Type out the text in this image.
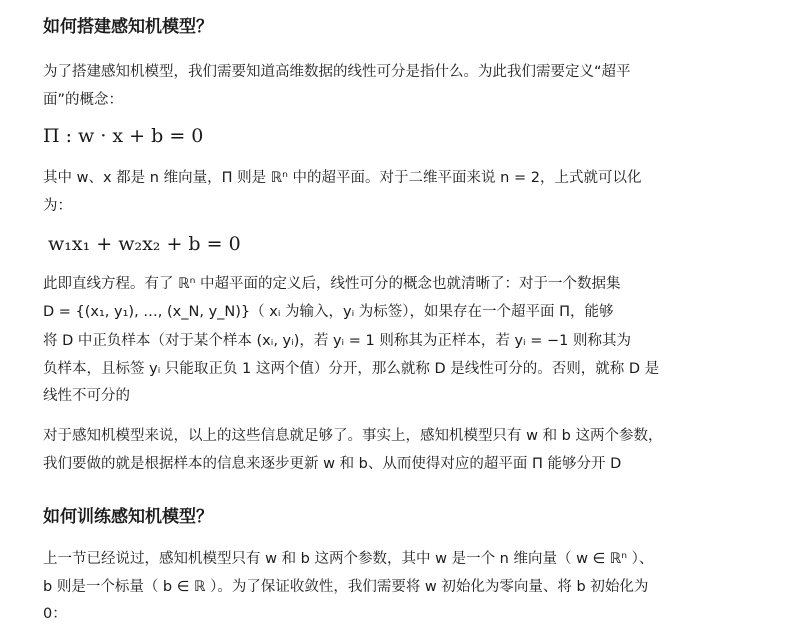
如何搭建感知机模型？
为了搭建感知机模型，我们需要知道高维数据的线性可分是指什么。为此我们需要定义“超平
面”的概念：
Π : w · x + b = 0
其中 w、x 都是 n 维向量，Π 则是 ℝⁿ 中的超平面。对于二维平面来说 n = 2，上式就可以化
为：
w₁x₁ + w₂x₂ + b = 0
此即直线方程。有了 ℝⁿ 中超平面的定义后，线性可分的概念也就清晰了：对于一个数据集
D = {(x₁, y₁), …, (x_N, y_N)}（ xᵢ 为输入，yᵢ 为标签），如果存在一个超平面 Π，能够
将 D 中正负样本（对于某个样本 (xᵢ, yᵢ)，若 yᵢ = 1 则称其为正样本，若 yᵢ = −1 则称其为
负样本，且标签 yᵢ 只能取正负 1 这两个值）分开，那么就称 D 是线性可分的。否则，就称 D 是
线性不可分的
对于感知机模型来说，以上的这些信息就足够了。事实上，感知机模型只有 w 和 b 这两个参数，
我们要做的就是根据样本的信息来逐步更新 w 和 b、从而使得对应的超平面 Π 能够分开 D
如何训练感知机模型？
上一节已经说过，感知机模型只有 w 和 b 这两个参数，其中 w 是一个 n 维向量（ w ∈ ℝⁿ ）、
b 则是一个标量（ b ∈ ℝ ）。为了保证收敛性，我们需要将 w 初始化为零向量、将 b 初始化为
0：
